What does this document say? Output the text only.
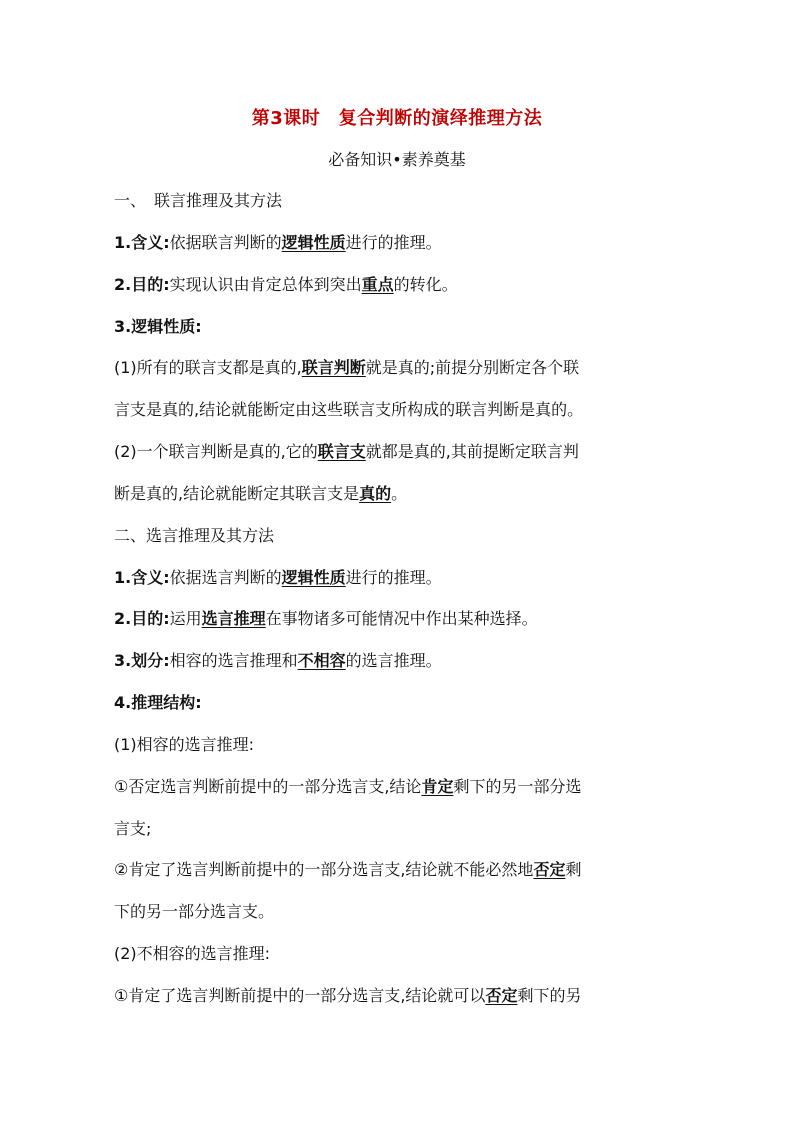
第3课时　复合判断的演绎推理方法
必备知识•素养奠基
一、　联言推理及其方法
1.含义:依据联言判断的逻辑性质进行的推理。
2.目的:实现认识由肯定总体到突出重点的转化。
3.逻辑性质:
(1)所有的联言支都是真的,联言判断就是真的;前提分别断定各个联
言支是真的,结论就能断定由这些联言支所构成的联言判断是真的。
(2)一个联言判断是真的,它的联言支就都是真的,其前提断定联言判
断是真的,结论就能断定其联言支是真的。
二、选言推理及其方法
1.含义:依据选言判断的逻辑性质进行的推理。
2.目的:运用选言推理在事物诸多可能情况中作出某种选择。
3.划分:相容的选言推理和不相容的选言推理。
4.推理结构:
(1)相容的选言推理:
①否定选言判断前提中的一部分选言支,结论肯定剩下的另一部分选
言支;
②肯定了选言判断前提中的一部分选言支,结论就不能必然地否定剩
下的另一部分选言支。
(2)不相容的选言推理:
①肯定了选言判断前提中的一部分选言支,结论就可以否定剩下的另
